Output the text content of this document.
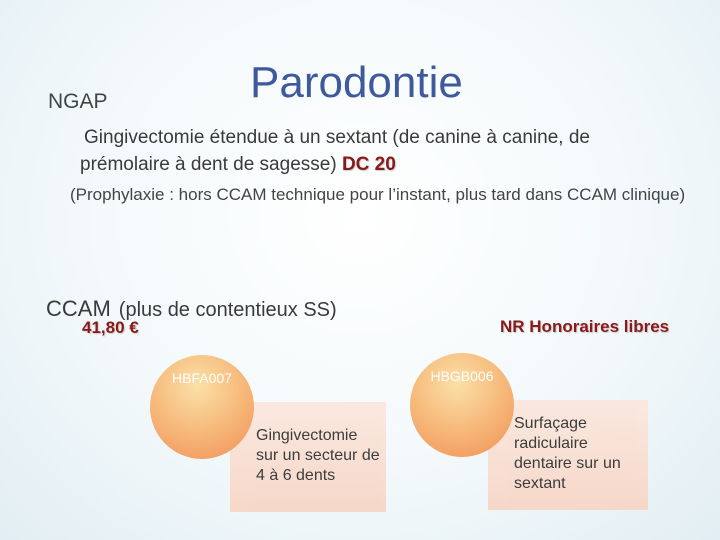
Parodontie
NGAP
Gingivectomie étendue à un sextant (de canine à canine, de prémolaire à dent de sagesse) DC 20
(Prophylaxie : hors CCAM technique pour l’instant, plus tard dans CCAM clinique)
CCAM (plus de contentieux SS)
41,80 €	NR Honoraires libres
Gingivectomie sur un secteur de 4 à 6 dents
HBFA007
Surfaçage radiculaire dentaire sur un sextant
HBGB006
